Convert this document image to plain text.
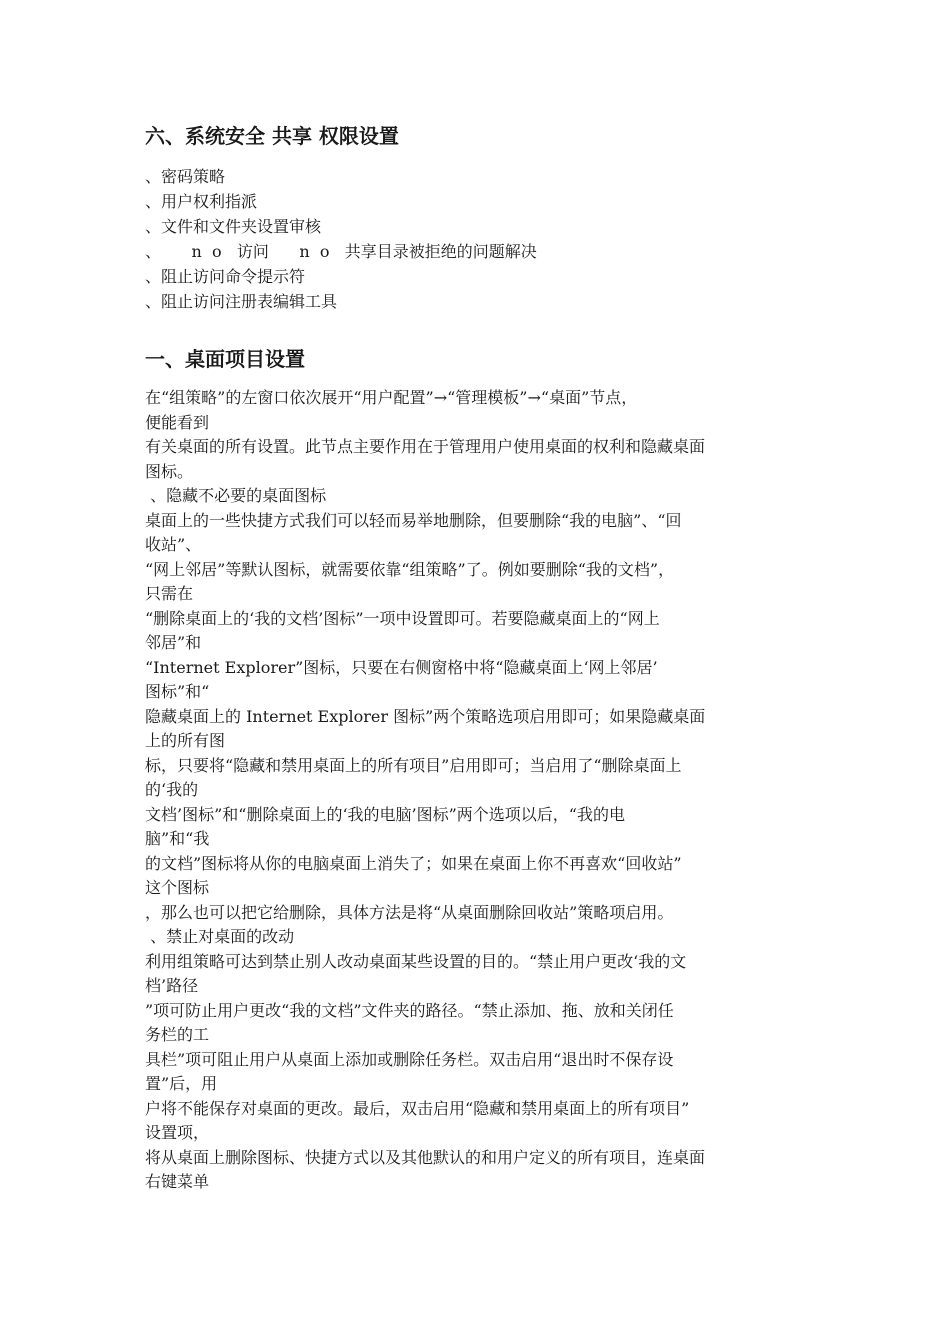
六、系统安全 共享 权限设置
、密码策略
、用户权利指派
、文件和文件夹设置审核
、      n  o   访问      n  o   共享目录被拒绝的问题解决
、阻止访问命令提示符
、阻止访问注册表编辑工具
一、桌面项目设置
在“组策略”的左窗口依次展开“用户配置”→“管理模板”→“桌面”节点，
便能看到
有关桌面的所有设置。此节点主要作用在于管理用户使用桌面的权利和隐藏桌面
图标。
、隐藏不必要的桌面图标
桌面上的一些快捷方式我们可以轻而易举地删除，但要删除“我的电脑”、“回
收站”、
“网上邻居”等默认图标，就需要依靠“组策略”了。例如要删除“我的文档”，
只需在
“删除桌面上的‘我的文档’图标”一项中设置即可。若要隐藏桌面上的“网上
邻居”和
“Internet Explorer”图标，只要在右侧窗格中将“隐藏桌面上‘网上邻居’
图标”和“
隐藏桌面上的 Internet Explorer 图标”两个策略选项启用即可；如果隐藏桌面
上的所有图
标，只要将“隐藏和禁用桌面上的所有项目”启用即可；当启用了“删除桌面上
的‘我的
文档’图标”和“删除桌面上的‘我的电脑’图标”两个选项以后，“我的电
脑”和“我
的文档”图标将从你的电脑桌面上消失了；如果在桌面上你不再喜欢“回收站”
这个图标
，那么也可以把它给删除，具体方法是将“从桌面删除回收站”策略项启用。
、禁止对桌面的改动
利用组策略可达到禁止别人改动桌面某些设置的目的。“禁止用户更改‘我的文
档’路径
”项可防止用户更改“我的文档”文件夹的路径。“禁止添加、拖、放和关闭任
务栏的工
具栏”项可阻止用户从桌面上添加或删除任务栏。双击启用“退出时不保存设
置”后，用
户将不能保存对桌面的更改。最后，双击启用“隐藏和禁用桌面上的所有项目”
设置项，
将从桌面上删除图标、快捷方式以及其他默认的和用户定义的所有项目，连桌面
右键菜单
